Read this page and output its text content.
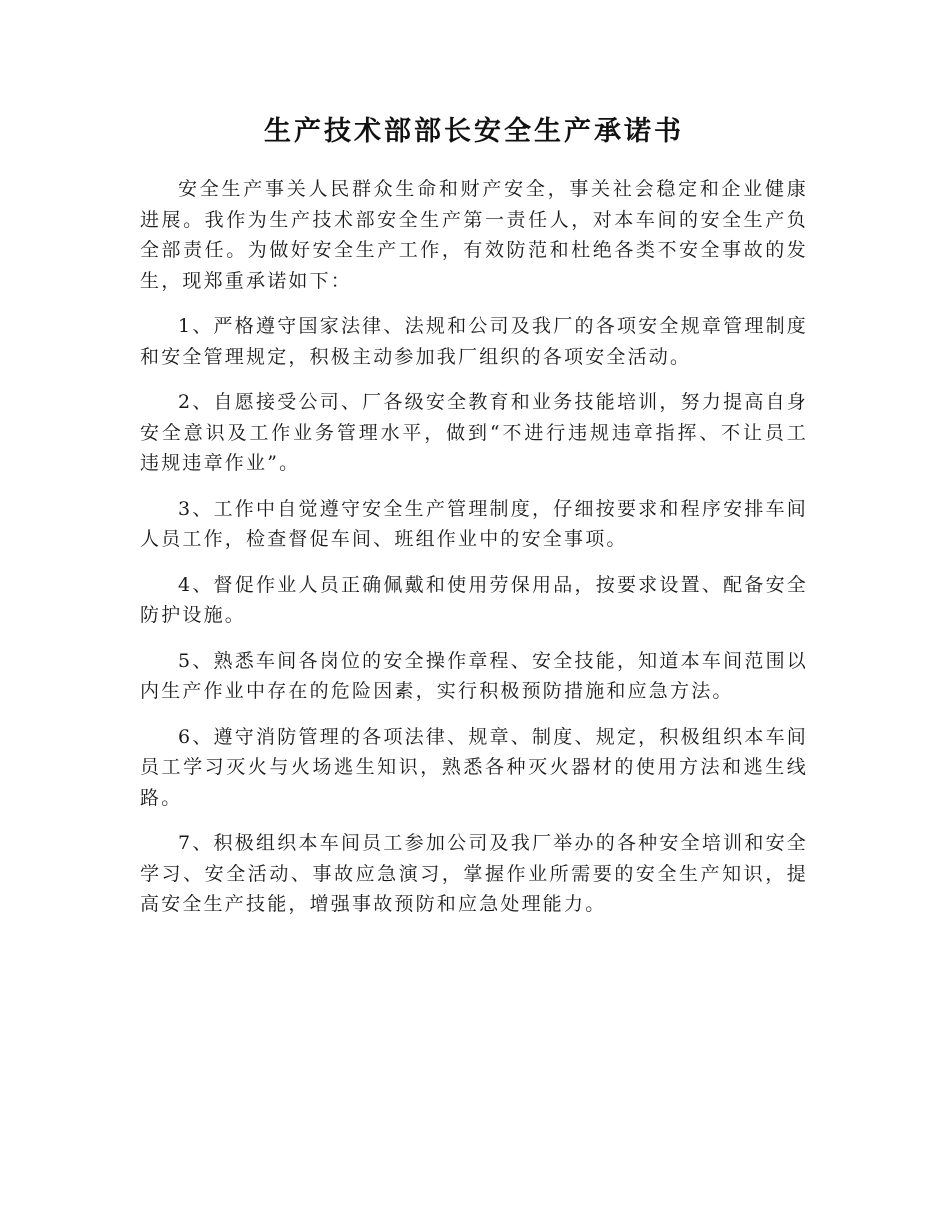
生产技术部部长安全生产承诺书

安全生产事关人民群众生命和财产安全，事关社会稳定和企业健康进展。我作为生产技术部安全生产第一责任人，对本车间的安全生产负全部责任。为做好安全生产工作，有效防范和杜绝各类不安全事故的发生，现郑重承诺如下：

1、严格遵守国家法律、法规和公司及我厂的各项安全规章管理制度和安全管理规定，积极主动参加我厂组织的各项安全活动。

2、自愿接受公司、厂各级安全教育和业务技能培训，努力提高自身安全意识及工作业务管理水平，做到“不进行违规违章指挥、不让员工违规违章作业”。

3、工作中自觉遵守安全生产管理制度，仔细按要求和程序安排车间人员工作，检查督促车间、班组作业中的安全事项。

4、督促作业人员正确佩戴和使用劳保用品，按要求设置、配备安全防护设施。

5、熟悉车间各岗位的安全操作章程、安全技能，知道本车间范围以内生产作业中存在的危险因素，实行积极预防措施和应急方法。

6、遵守消防管理的各项法律、规章、制度、规定，积极组织本车间员工学习灭火与火场逃生知识，熟悉各种灭火器材的使用方法和逃生线路。

7、积极组织本车间员工参加公司及我厂举办的各种安全培训和安全学习、安全活动、事故应急演习，掌握作业所需要的安全生产知识，提高安全生产技能，增强事故预防和应急处理能力。
